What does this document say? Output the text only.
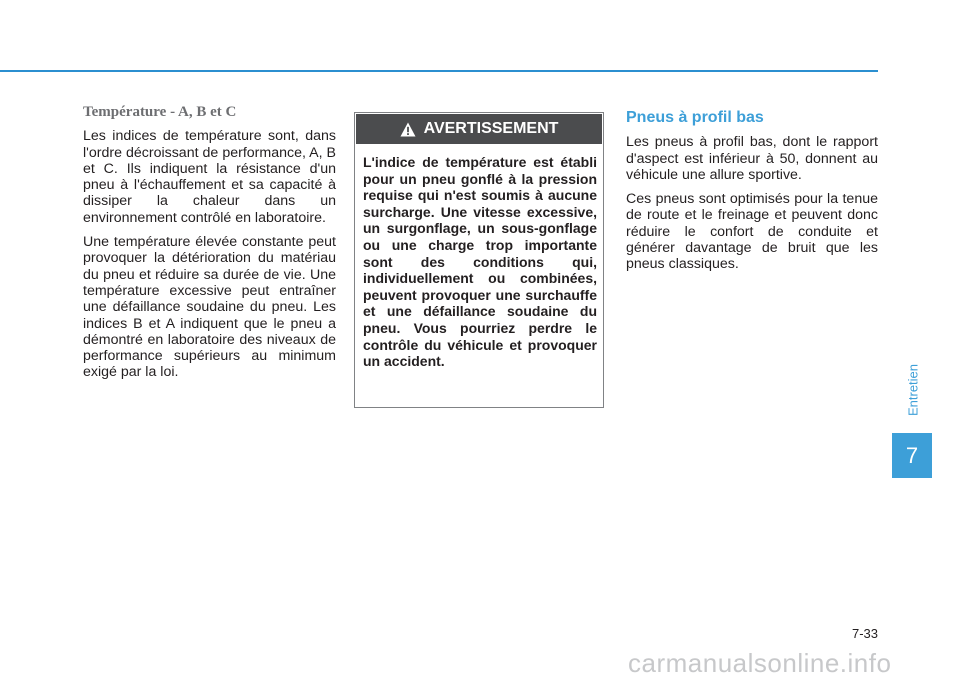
Température - A, B et C

Les indices de température sont, dans l'ordre décroissant de performance, A, B et C. Ils indiquent la résistance d'un pneu à l'échauffement et sa capacité à dissiper la chaleur dans un environnement contrôlé en laboratoire.

Une température élevée constante peut provoquer la détérioration du matériau du pneu et réduire sa durée de vie. Une température excessive peut entraîner une défaillance soudaine du pneu. Les indices B et A indiquent que le pneu a démontré en laboratoire des niveaux de performance supérieurs au minimum exigé par la loi.

AVERTISSEMENT
L'indice de température est établi pour un pneu gonflé à la pression requise qui n'est soumis à aucune surcharge. Une vitesse excessive, un surgonflage, un sous-gonflage ou une charge trop importante sont des conditions qui, individuellement ou combinées, peuvent provoquer une surchauffe et une défaillance soudaine du pneu. Vous pourriez perdre le contrôle du véhicule et provoquer un accident.

Pneus à profil bas

Les pneus à profil bas, dont le rapport d'aspect est inférieur à 50, donnent au véhicule une allure sportive.

Ces pneus sont optimisés pour la tenue de route et le freinage et peuvent donc réduire le confort de conduite et générer davantage de bruit que les pneus classiques.

Entretien
7
7-33
carmanualsonline.info
